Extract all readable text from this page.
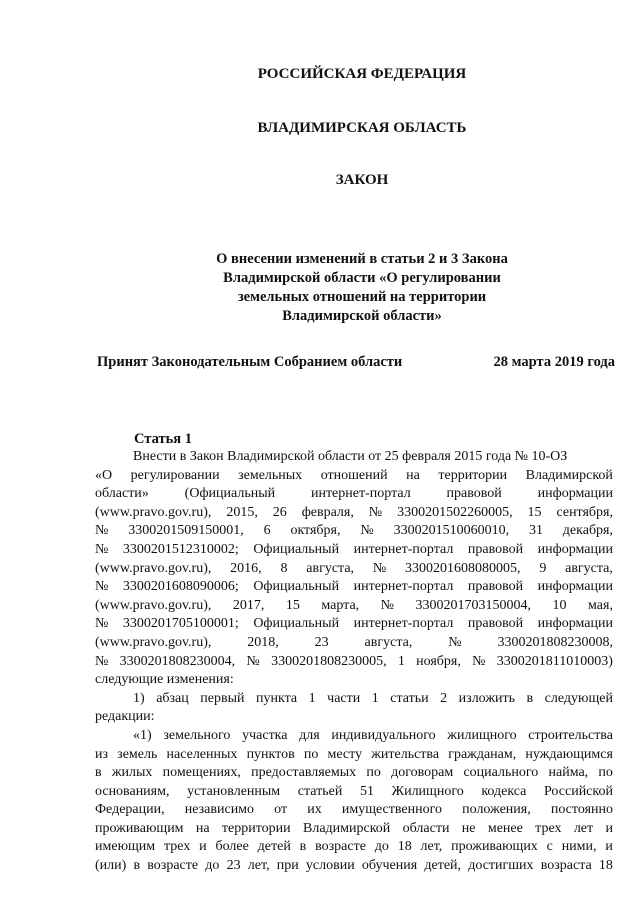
РОССИЙСКАЯ ФЕДЕРАЦИЯ
ВЛАДИМИРСКАЯ ОБЛАСТЬ
ЗАКОН
О внесении изменений в статьи 2 и 3 Закона
Владимирской области «О регулировании
земельных отношений на территории
Владимирской области»
Принят Законодательным Собранием области	28 марта 2019 года
Статья 1
Внести в Закон Владимирской области от 25 февраля 2015 года № 10-ОЗ
«О регулировании земельных отношений на территории Владимирской
области»	(Официальный	интернет-портал	правовой	информации
(www.pravo.gov.ru), 2015, 26 февраля, № 3300201502260005, 15 сентября,
№ 3300201509150001, 6 октября, № 3300201510060010, 31 декабря,
№ 3300201512310002; Официальный интернет-портал правовой информации
(www.pravo.gov.ru), 2016, 8 августа, № 3300201608080005, 9 августа,
№ 3300201608090006; Официальный интернет-портал правовой информации
(www.pravo.gov.ru), 2017, 15 марта, № 3300201703150004, 10 мая,
№ 3300201705100001; Официальный интернет-портал правовой информации
(www.pravo.gov.ru),	2018,	23	августа,	№	3300201808230008,
№ 3300201808230004, № 3300201808230005, 1 ноября, № 3300201811010003)
следующие изменения:
1) абзац первый пункта 1 части 1 статьи 2 изложить в следующей
редакции:
«1) земельного участка для индивидуального жилищного строительства
из земель населенных пунктов по месту жительства гражданам, нуждающимся
в жилых помещениях, предоставляемых по договорам социального найма, по
основаниям, установленным статьей 51 Жилищного кодекса Российской
Федерации, независимо от их имущественного положения, постоянно
проживающим на территории Владимирской области не менее трех лет и
имеющим трех и более детей в возрасте до 18 лет, проживающих с ними, и
(или) в возрасте до 23 лет, при условии обучения детей, достигших возраста 18
